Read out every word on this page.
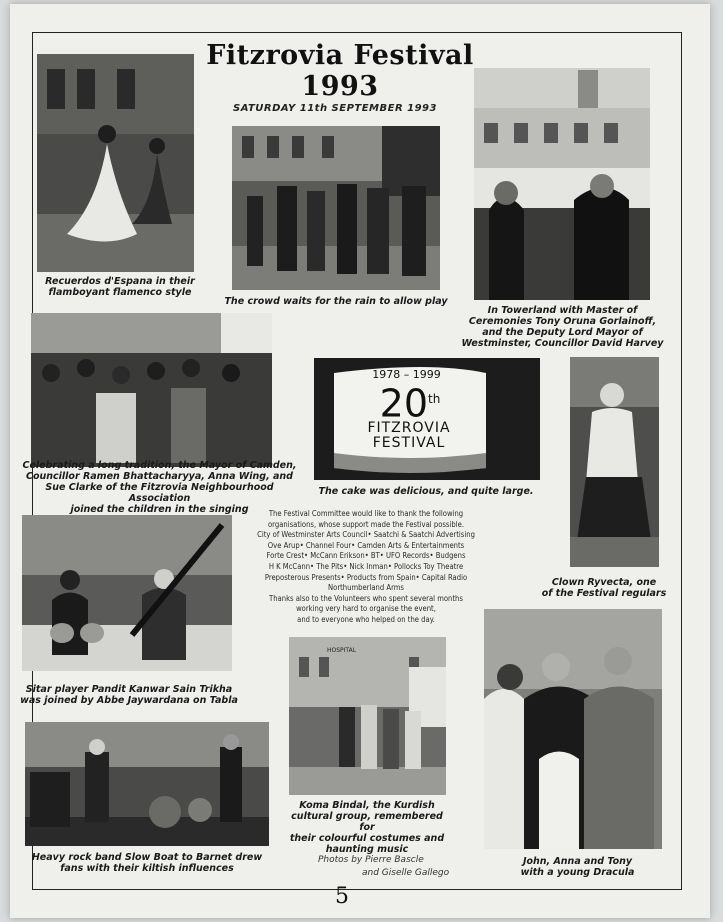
Fitzrovia Festival
1993
SATURDAY 11th SEPTEMBER 1993
Recuerdos d'Espana in their
flamboyant flamenco style
The crowd waits for the rain to allow play
In Towerland with Master of
Ceremonies Tony Oruna Gorlainoff,
and the Deputy Lord Mayor of
Westminster, Councillor David Harvey
Celebrating a long tradition, the Mayor of Camden,
Councillor Ramen Bhattacharyya, Anna Wing, and
Sue Clarke of the Fitzrovia Neighbourhood Association
joined the children in the singing
1978 – 1999
20th
FITZROVIA
FESTIVAL
The cake was delicious, and quite large.
Clown Ryvecta, one
of the Festival regulars
The Festival Committee would like to thank the following
organisations, whose support made the Festival possible.
City of Westminster Arts Council• Saatchi & Saatchi Advertising
Ove Arup• Channel Four• Camden Arts & Entertainments
Forte Crest• McCann Erikson• BT• UFO Records• Budgens
H K McCann• The Pits• Nick Inman• Pollocks Toy Theatre
Preposterous Presents• Products from Spain• Capital Radio
Northumberland Arms
Thanks also to the Volunteers who spent several months
working very hard to organise the event,
and to everyone who helped on the day.
Sitar player Pandit Kanwar Sain Trikha
was joined by Abbe Jaywardana on Tabla
HOSPITAL
Koma Bindal, the Kurdish
cultural group, remembered for
their colourful costumes and
haunting music
Heavy rock band Slow Boat to Barnet drew
fans with their kiltish influences
John, Anna and Tony
with a young Dracula
Photos by Pierre Bascle
and Giselle Gallego
5
